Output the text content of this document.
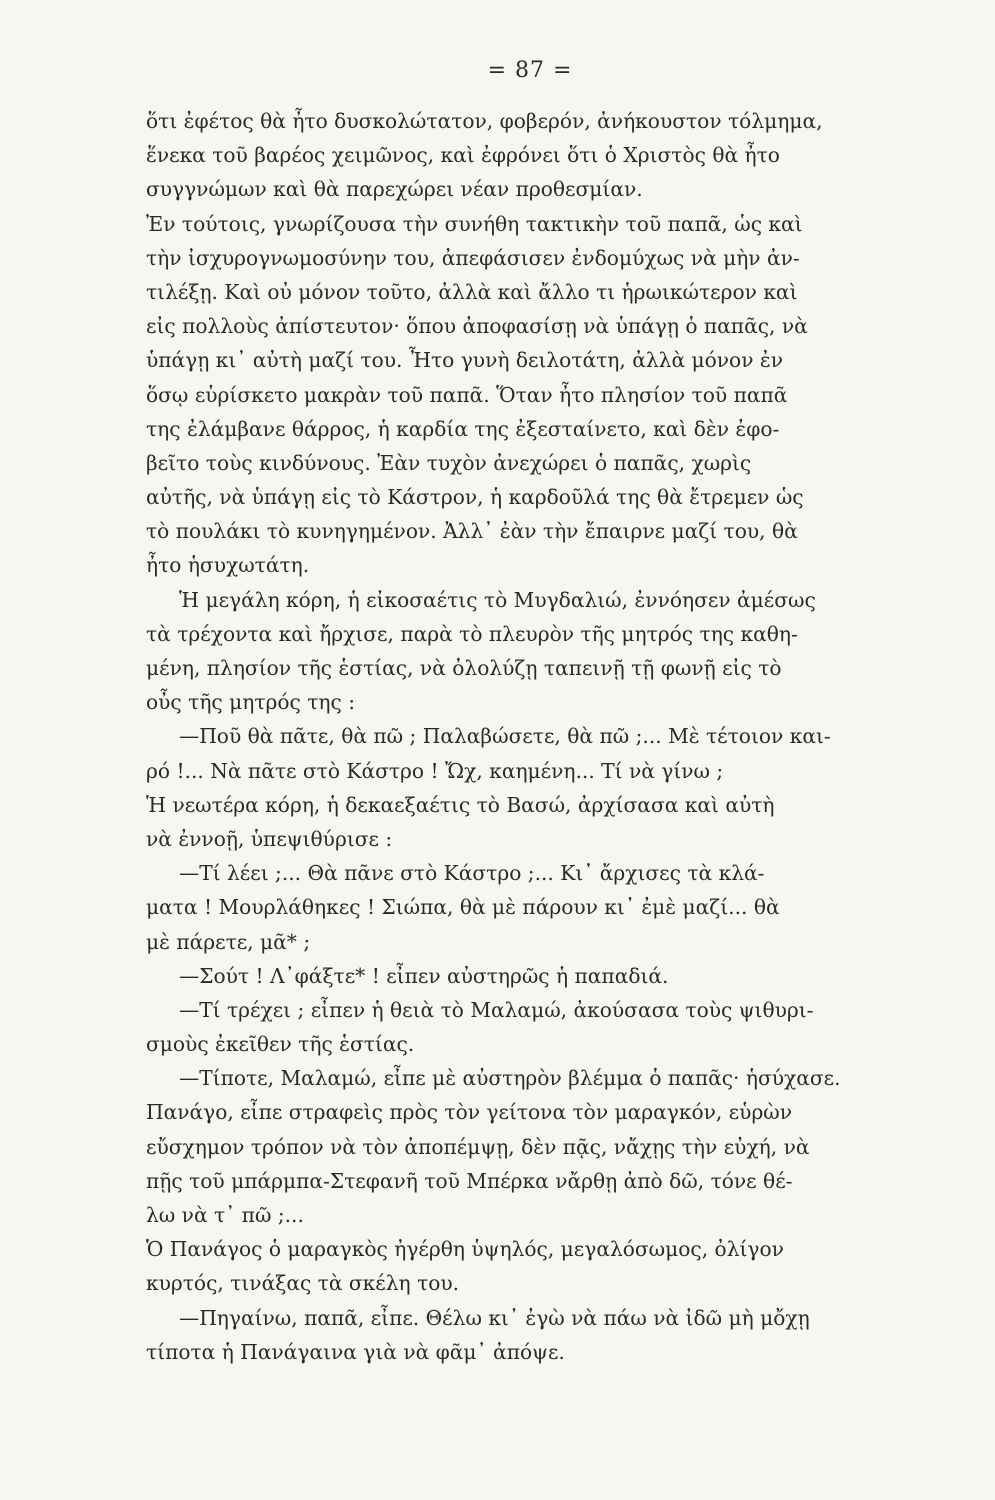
= 87 =
ὅτι ἐφέτος θὰ ἦτο δυσκολώτατον, φοβερόν, ἀνήκουστον τόλμημα,
ἕνεκα τοῦ βαρέος χειμῶνος, καὶ ἐφρόνει ὅτι ὁ Χριστὸς θὰ ἦτο
συγγνώμων καὶ θὰ παρεχώρει νέαν προθεσμίαν.
Ἐν τούτοις, γνωρίζουσα τὴν συνήθη τακτικὴν τοῦ παπᾶ, ὡς καὶ
τὴν ἰσχυρογνωμοσύνην του, ἀπεφάσισεν ἐνδομύχως νὰ μὴν ἀν-
τιλέξῃ. Καὶ οὐ μόνον τοῦτο, ἀλλὰ καὶ ἄλλο τι ἡρωικώτερον καὶ
εἰς πολλοὺς ἀπίστευτον· ὅπου ἀποφασίσῃ νὰ ὑπάγῃ ὁ παπᾶς, νὰ
ὑπάγῃ κι᾽ αὐτὴ μαζί του. Ἦτο γυνὴ δειλοτάτη, ἀλλὰ μόνον ἐν
ὅσῳ εὑρίσκετο μακρὰν τοῦ παπᾶ. Ὅταν ἦτο πλησίον τοῦ παπᾶ
της ἐλάμβανε θάρρος, ἡ καρδία της ἐξεσταίνετο, καὶ δὲν ἐφο-
βεῖτο τοὺς κινδύνους. Ἐὰν τυχὸν ἀνεχώρει ὁ παπᾶς, χωρὶς
αὐτῆς, νὰ ὑπάγῃ εἰς τὸ Κάστρον, ἡ καρδοῦλά της θὰ ἔτρεμεν ὡς
τὸ πουλάκι τὸ κυνηγημένον. Ἀλλ᾽ ἐὰν τὴν ἔπαιρνε μαζί του, θὰ
ἦτο ἡσυχωτάτη.
Ἡ μεγάλη κόρη, ἡ εἰκοσαέτις τὸ Μυγδαλιώ, ἐννόησεν ἀμέσως
τὰ τρέχοντα καὶ ἤρχισε, παρὰ τὸ πλευρὸν τῆς μητρός της καθη-
μένη, πλησίον τῆς ἑστίας, νὰ ὀλολύζῃ ταπεινῇ τῇ φωνῇ εἰς τὸ
οὖς τῆς μητρός της :
—Ποῦ θὰ πᾶτε, θὰ πῶ ; Παλαβώσετε, θὰ πῶ ;... Μὲ τέτοιον και-
ρό !... Νὰ πᾶτε στὸ Κάστρο ! Ὤχ, καημένη... Τί νὰ γίνω ;
Ἡ νεωτέρα κόρη, ἡ δεκαεξαέτις τὸ Βασώ, ἀρχίσασα καὶ αὐτὴ
νὰ ἐννοῇ, ὑπεψιθύρισε :
—Τί λέει ;... Θὰ πᾶνε στὸ Κάστρο ;... Κι᾽ ἄρχισες τὰ κλά-
ματα ! Μουρλάθηκες ! Σιώπα, θὰ μὲ πάρουν κι᾽ ἐμὲ μαζί... θὰ
μὲ πάρετε, μᾶ* ;
—Σούτ ! Λ᾽φάξτε* ! εἶπεν αὐστηρῶς ἡ παπαδιά.
—Τί τρέχει ; εἶπεν ἡ θειὰ τὸ Μαλαμώ, ἀκούσασα τοὺς ψιθυρι-
σμοὺς ἐκεῖθεν τῆς ἑστίας.
—Τίποτε, Μαλαμώ, εἶπε μὲ αὐστηρὸν βλέμμα ὁ παπᾶς· ἡσύχασε.
Πανάγο, εἶπε στραφεὶς πρὸς τὸν γείτονα τὸν μαραγκόν, εὑρὼν
εὔσχημον τρόπον νὰ τὸν ἀποπέμψῃ, δὲν πᾷς, νἄχῃς τὴν εὐχή, νὰ
πῇς τοῦ μπάρμπα-Στεφανῆ τοῦ Μπέρκα νἄρθῃ ἀπὸ δῶ, τόνε θέ-
λω νὰ τ᾽ πῶ ;...
Ὁ Πανάγος ὁ μαραγκὸς ἠγέρθη ὑψηλός, μεγαλόσωμος, ὀλίγον
κυρτός, τινάξας τὰ σκέλη του.
—Πηγαίνω, παπᾶ, εἶπε. Θέλω κι᾽ ἐγὼ νὰ πάω νὰ ἰδῶ μὴ μὄχῃ
τίποτα ἡ Πανάγαινα γιὰ νὰ φᾶμ᾽ ἀπόψε.
